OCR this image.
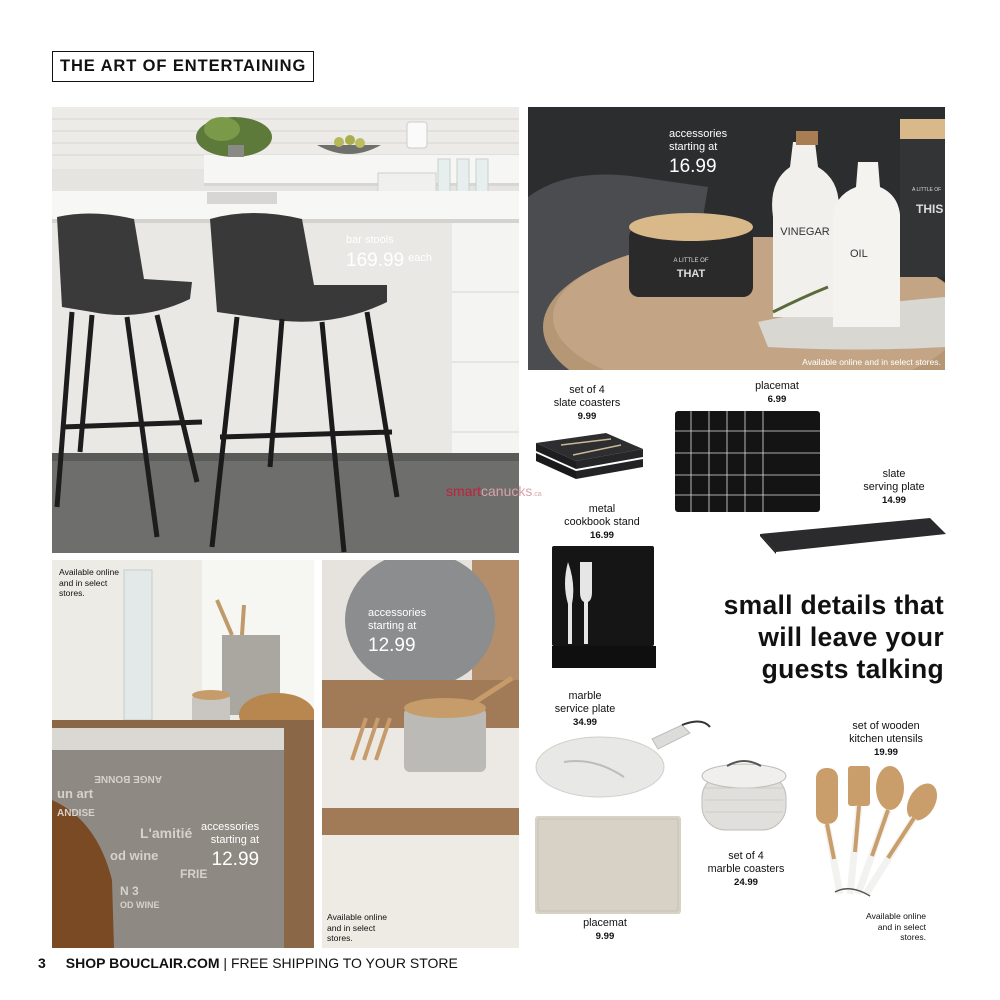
THE ART OF ENTERTAINING
bar stools
169.99 $^{each}$	A LITTLE OF
THAT
VINEGAR
OIL
A LITTLE OF
THIS
accessories
starting at
16.99
Available online and in select stores.
smartcanucks.ca
ANGE BONNE
un art
ANDISE
L'amitié
od wine
FRIE
N 3
OD WINE
Available online
and in select
stores.
accessories
starting at
12.99
accessories
starting at
12.99
Available online
and in select
stores.
set of 4
slate coasters
9.99
placemat
6.99
slate
serving plate
14.99
metal
cookbook stand
16.99
small details that
will leave your
guests talking
marble
service plate
34.99
set of 4
marble coasters
24.99
set of wooden
kitchen utensils
19.99
placemat
9.99
Available online
and in select
stores.
3 SHOP BOUCLAIR.COM | FREE SHIPPING TO YOUR STORE
